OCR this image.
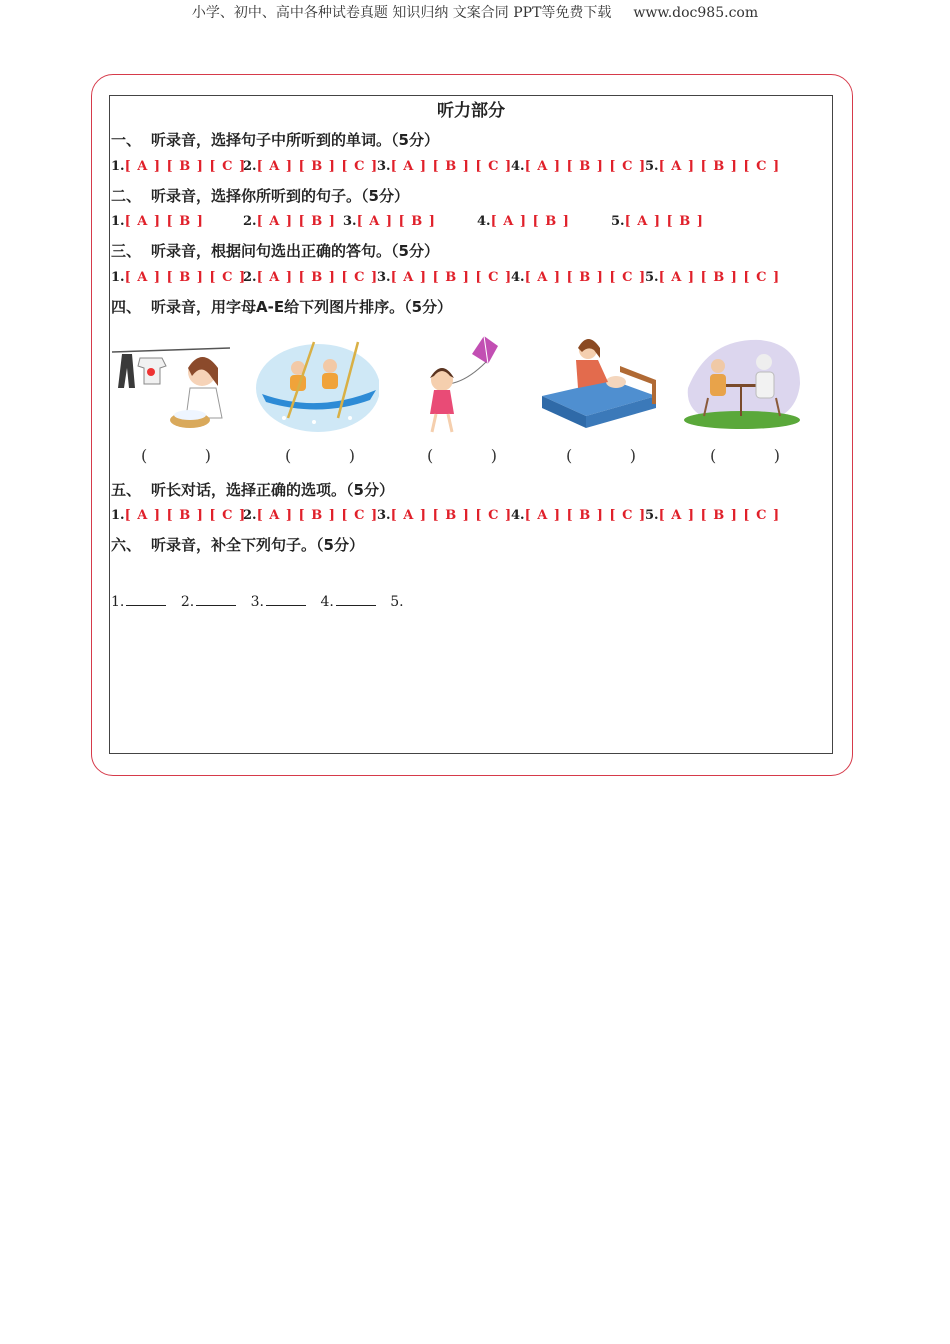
小学、初中、高中各种试卷真题 知识归纳 文案合同 PPT等免费下载 www.doc985.com
听力部分
一、 听录音，选择句子中所听到的单词。（5分）
1.[ A ] [ B ] [ C ]
2.[ A ] [ B ] [ C ]
3.[ A ] [ B ] [ C ]
4.[ A ] [ B ] [ C ]
5.[ A ] [ B ] [ C ]
二、 听录音，选择你所听到的句子。（5分）
1.[ A ] [ B ]	2.[ A ] [ B ] 3.[ A ] [ B ]	4.[ A ] [ B ]	5.[ A ] [ B ]
三、 听录音，根据问句选出正确的答句。（5分）
1.[ A ] [ B ] [ C ]
2.[ A ] [ B ] [ C ]
3.[ A ] [ B ] [ C ]
4.[ A ] [ B ] [ C ]
5.[ A ] [ B ] [ C ]
四、 听录音，用字母A-E给下列图片排序。（5分）
(	)	(	)	(	)	(	)	(	)
五、 听长对话，选择正确的选项。（5分）
1.[ A ] [ B ] [ C ]
2.[ A ] [ B ] [ C ]
3.[ A ] [ B ] [ C ]
4.[ A ] [ B ] [ C ]
5.[ A ] [ B ] [ C ]
六、 听录音，补全下列句子。（5分）
1.	2.	3.	4.	5.
